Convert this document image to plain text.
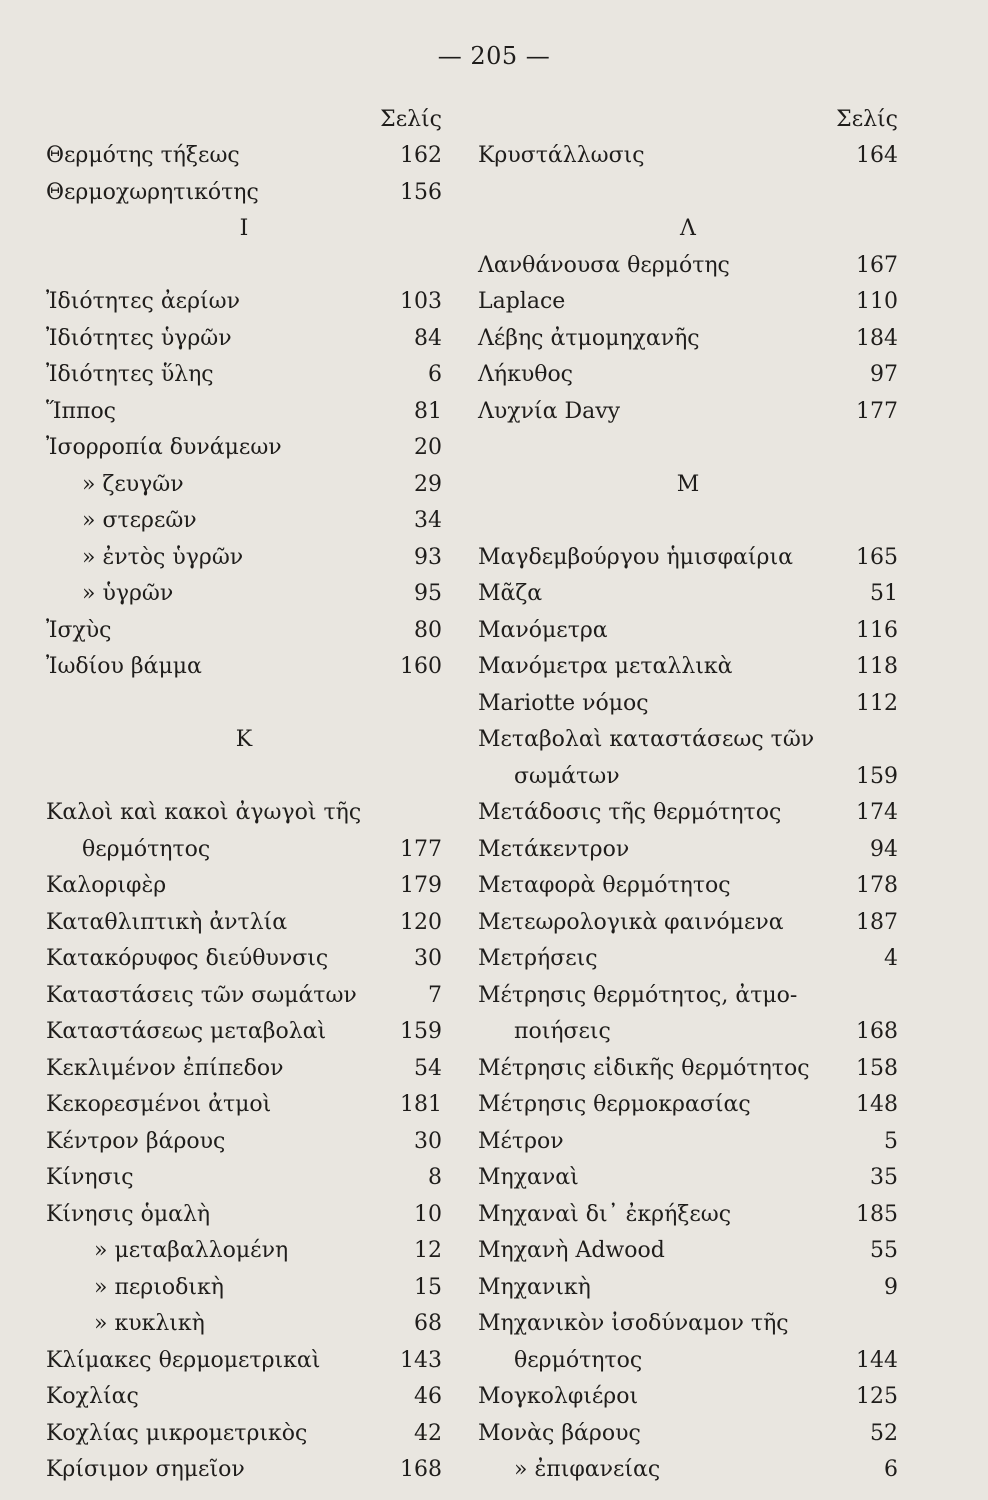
— 205 —
Σελίς
Θερμότης τήξεως	162
Θερμοχωρητικότης	156
Ι
Ἰδιότητες ἀερίων	103
Ἰδιότητες ὑγρῶν	84
Ἰδιότητες ὕλης	6
Ἵππος	81
Ἰσορροπία δυνάμεων	20
» ζευγῶν	29
» στερεῶν	34
» ἐντὸς ὑγρῶν	93
» ὑγρῶν	95
Ἰσχὺς	80
Ἰωδίου βάμμα	160
Κ
Καλοὶ καὶ κακοὶ ἀγωγοὶ τῆς
θερμότητος	177
Καλοριφὲρ	179
Καταθλιπτικὴ ἀντλία	120
Κατακόρυφος διεύθυνσις	30
Καταστάσεις τῶν σωμάτων	7
Καταστάσεως μεταβολαὶ	159
Κεκλιμένον ἐπίπεδον	54
Κεκορεσμένοι ἀτμοὶ	181
Κέντρον βάρους	30
Κίνησις	8
Κίνησις ὁμαλὴ	10
» μεταβαλλομένη	12
» περιοδικὴ	15
» κυκλικὴ	68
Κλίμακες θερμομετρικαὶ	143
Κοχλίας	46
Κοχλίας μικρομετρικὸς	42
Κρίσιμον σημεῖον	168
Σελίς
Κρυστάλλωσις	164
Λ
Λανθάνουσα θερμότης	167
Laplace	110
Λέβης ἀτμομηχανῆς	184
Λήκυθος	97
Λυχνία Davy	177
Μ
Μαγδεμβούργου ἡμισφαίρια	165
Μᾶζα	51
Μανόμετρα	116
Μανόμετρα μεταλλικὰ	118
Mariotte νόμος	112
Μεταβολαὶ καταστάσεως τῶν
σωμάτων	159
Μετάδοσις τῆς θερμότητος	174
Μετάκεντρον	94
Μεταφορὰ θερμότητος	178
Μετεωρολογικὰ φαινόμενα	187
Μετρήσεις	4
Μέτρησις θερμότητος, ἀτμο-
ποιήσεις	168
Μέτρησις εἰδικῆς θερμότητος 158
Μέτρησις θερμοκρασίας	148
Μέτρον	5
Μηχαναὶ	35
Μηχαναὶ δι᾽ ἐκρήξεως	185
Μηχανὴ Adwood	55
Μηχανικὴ	9
Μηχανικὸν ἰσοδύναμον τῆς
θερμότητος	144
Μογκολφιέροι	125
Μονὰς βάρους	52
» ἐπιφανείας	6
